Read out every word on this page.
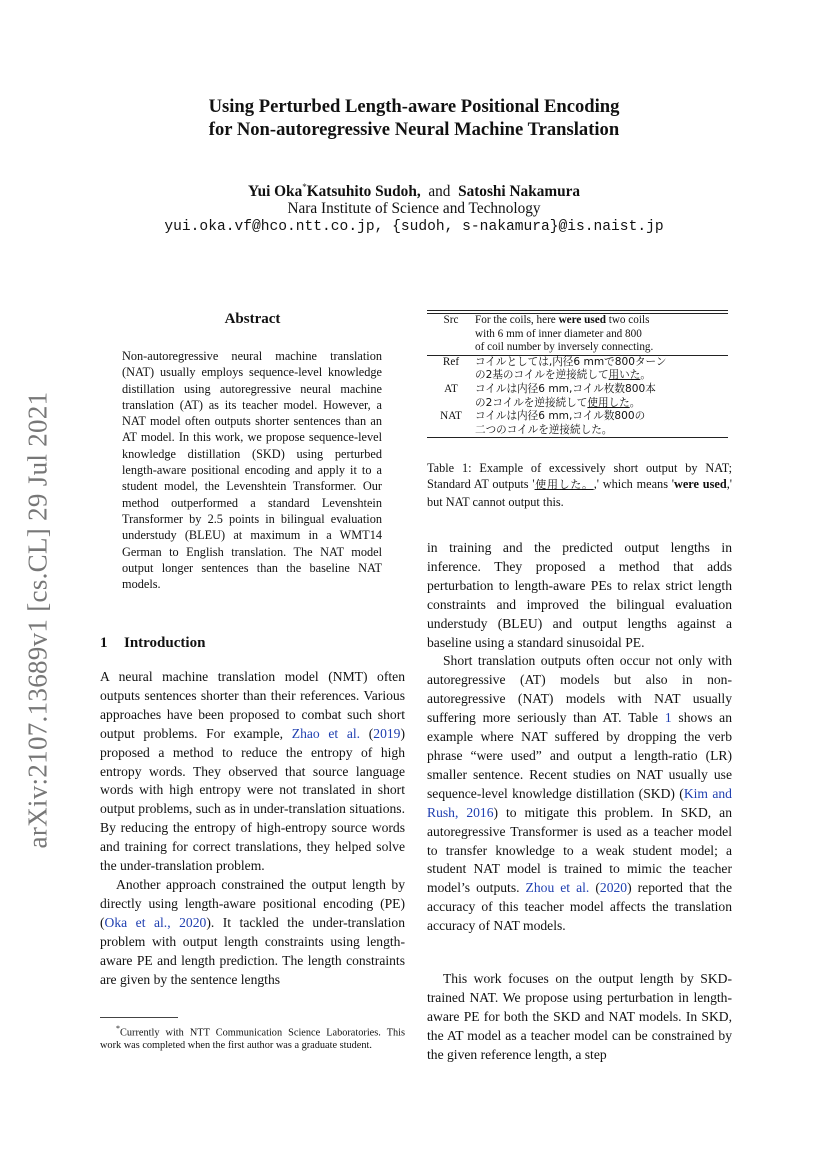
arXiv:2107.13689v1 [cs.CL] 29 Jul 2021
Using Perturbed Length-aware Positional Encoding
for Non-autoregressive Neural Machine Translation
Yui Oka*Katsuhito Sudoh, and Satoshi Nakamura
Nara Institute of Science and Technology
yui.oka.vf@hco.ntt.co.jp, {sudoh, s-nakamura}@is.naist.jp
Abstract
Non-autoregressive neural machine translation (NAT) usually employs sequence-level knowledge distillation using autoregressive neural machine translation (AT) as its teacher model. However, a NAT model often outputs shorter sentences than an AT model. In this work, we propose sequence-level knowledge distillation (SKD) using perturbed length-aware positional encoding and apply it to a student model, the Levenshtein Transformer. Our method outperformed a standard Levenshtein Transformer by 2.5 points in bilingual evaluation understudy (BLEU) at maximum in a WMT14 German to English translation. The NAT model output longer sentences than the baseline NAT models.
1 Introduction
A neural machine translation model (NMT) often outputs sentences shorter than their references. Various approaches have been proposed to combat such short output problems. For example, Zhao et al. (2019) proposed a method to reduce the entropy of high entropy words. They observed that source language words with high entropy were not translated in short output problems, such as in under-translation situations. By reducing the entropy of high-entropy source words and training for correct translations, they helped solve the under-translation problem.
Another approach constrained the output length by directly using length-aware positional encoding (PE) (Oka et al., 2020). It tackled the under-translation problem with output length constraints using length-aware PE and length prediction. The length constraints are given by the sentence lengths
*Currently with NTT Communication Science Laboratories. This work was completed when the first author was a graduate student.
Src	For the coils, here were used two coils
with 6 mm of inner diameter and 800
of coil number by inversely connecting.
Ref	コイルとしては,内径6 mmで800ターン
の2基のコイルを逆接続して用いた。
AT	コイルは内径6 mm,コイル枚数800本
の2コイルを逆接続して使用した。
NAT	コイルは内径6 mm,コイル数800の
二つのコイルを逆接続した。
Table 1: Example of excessively short output by NAT; Standard AT outputs '使用した。,' which means 'were used,' but NAT cannot output this.
in training and the predicted output lengths in inference. They proposed a method that adds perturbation to length-aware PEs to relax strict length constraints and improved the bilingual evaluation understudy (BLEU) and output lengths against a baseline using a standard sinusoidal PE.
Short translation outputs often occur not only with autoregressive (AT) models but also in non-autoregressive (NAT) models with NAT usually suffering more seriously than AT. Table 1 shows an example where NAT suffered by dropping the verb phrase “were used” and output a length-ratio (LR) smaller sentence. Recent studies on NAT usually use sequence-level knowledge distillation (SKD) (Kim and Rush, 2016) to mitigate this problem. In SKD, an autoregressive Transformer is used as a teacher model to transfer knowledge to a weak student model; a student NAT model is trained to mimic the teacher model’s outputs. Zhou et al. (2020) reported that the accuracy of this teacher model affects the translation accuracy of NAT models.
This work focuses on the output length by SKD-trained NAT. We propose using perturbation in length-aware PE for both the SKD and NAT models. In SKD, the AT model as a teacher model can be constrained by the given reference length, a step
